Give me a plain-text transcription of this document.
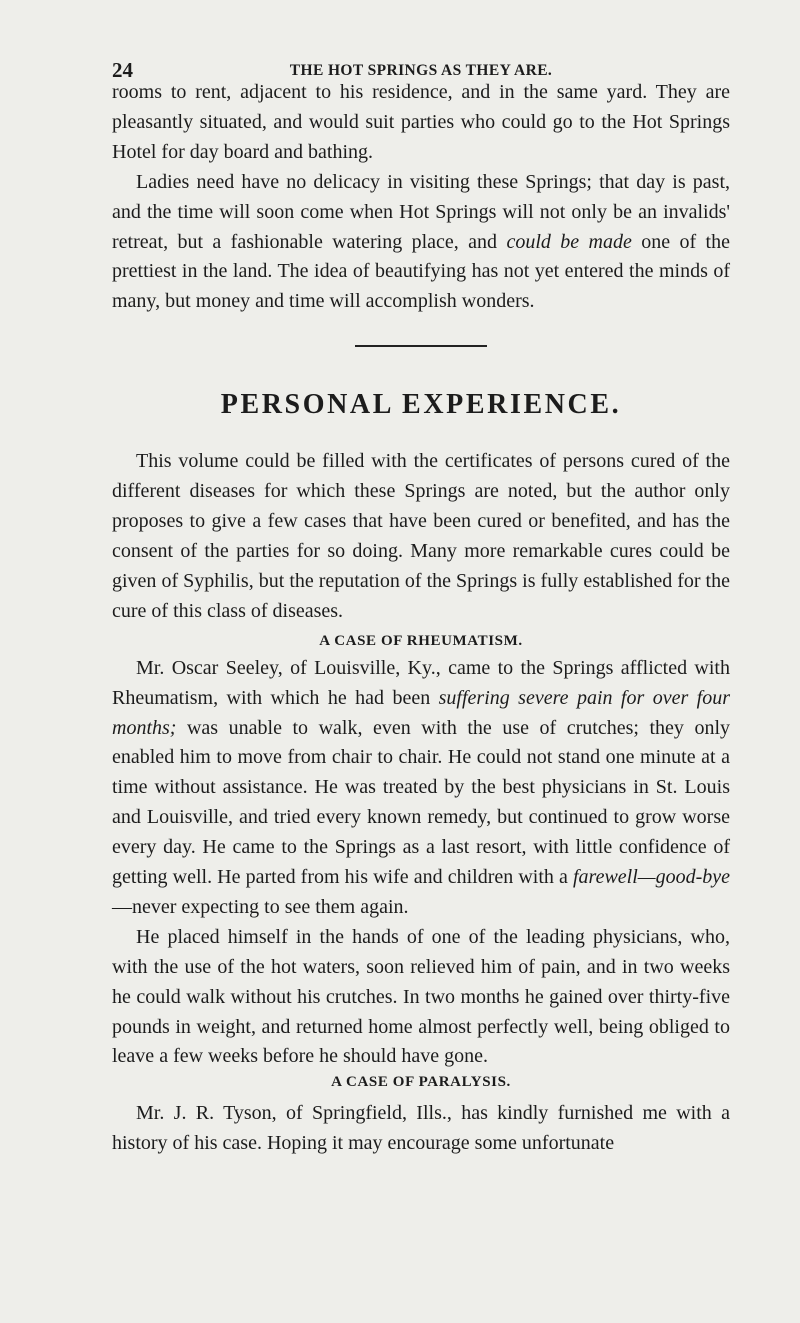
24	THE HOT SPRINGS AS THEY ARE.

rooms to rent, adjacent to his residence, and in the same yard. They are pleasantly situated, and would suit parties who could go to the Hot Springs Hotel for day board and bathing.

Ladies need have no delicacy in visiting these Springs; that day is past, and the time will soon come when Hot Springs will not only be an invalids' retreat, but a fashionable watering place, and could be made one of the prettiest in the land. The idea of beautifying has not yet entered the minds of many, but money and time will accomplish wonders.

PERSONAL EXPERIENCE.

This volume could be filled with the certificates of persons cured of the different diseases for which these Springs are noted, but the author only proposes to give a few cases that have been cured or benefited, and has the consent of the parties for so doing. Many more remarkable cures could be given of Syphilis, but the reputation of the Springs is fully established for the cure of this class of diseases.

A CASE OF RHEUMATISM.

Mr. Oscar Seeley, of Louisville, Ky., came to the Springs afflicted with Rheumatism, with which he had been suffering severe pain for over four months; was unable to walk, even with the use of crutches; they only enabled him to move from chair to chair. He could not stand one minute at a time without assistance. He was treated by the best physicians in St. Louis and Louisville, and tried every known remedy, but continued to grow worse every day. He came to the Springs as a last resort, with little confidence of getting well. He parted from his wife and children with a farewell—good-bye—never expecting to see them again.

He placed himself in the hands of one of the leading physicians, who, with the use of the hot waters, soon relieved him of pain, and in two weeks he could walk without his crutches. In two months he gained over thirty-five pounds in weight, and returned home almost perfectly well, being obliged to leave a few weeks before he should have gone.

A CASE OF PARALYSIS.

Mr. J. R. Tyson, of Springfield, Ills., has kindly furnished me with a history of his case. Hoping it may encourage some unfortunate
